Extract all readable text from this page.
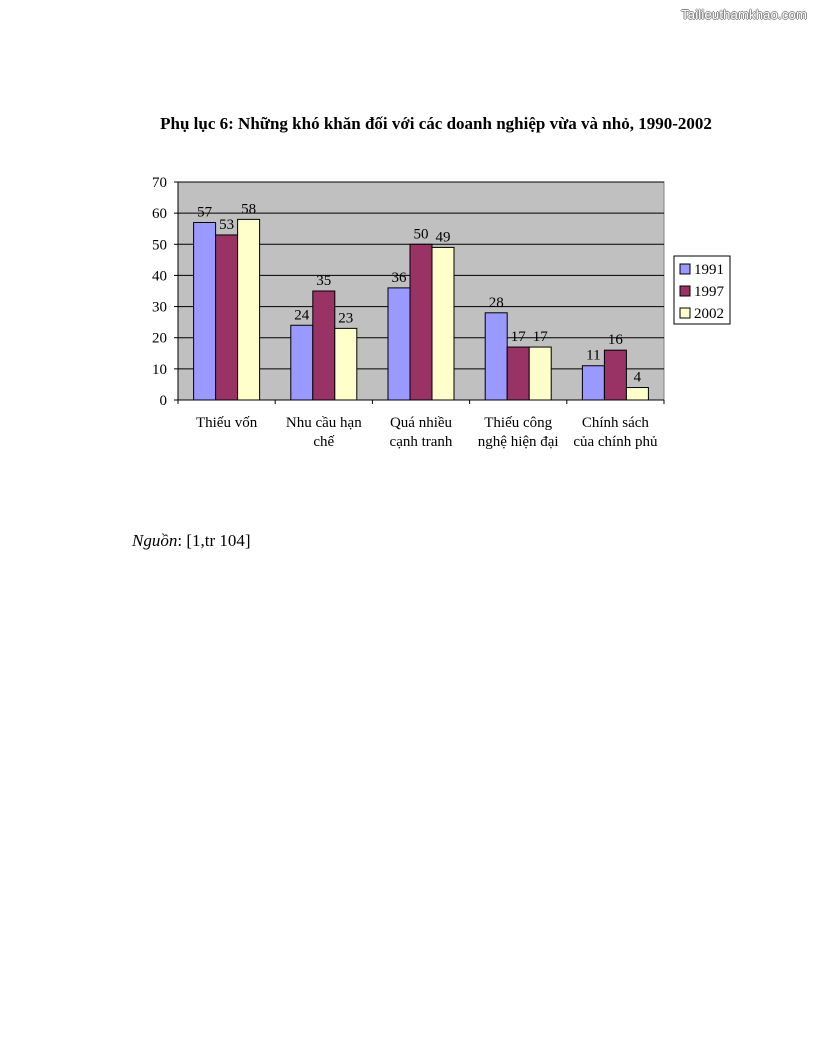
Tailieuthamkhao.com
Phụ lục 6: Những khó khăn đối với các doanh nghiệp vừa và nhỏ, 1990-2002
0
10
20
30
40
50
60
70
Thiếu vốn
57
53
58
Nhu cầu hạn
chế
24
35
23
Quá nhiều
cạnh tranh
36
50 49
Thiếu công
nghệ hiện đại
28
17 17
Chính sách
của chính phủ
11
16
4
1991
1997
2002
Nguồn: [1,tr 104]
